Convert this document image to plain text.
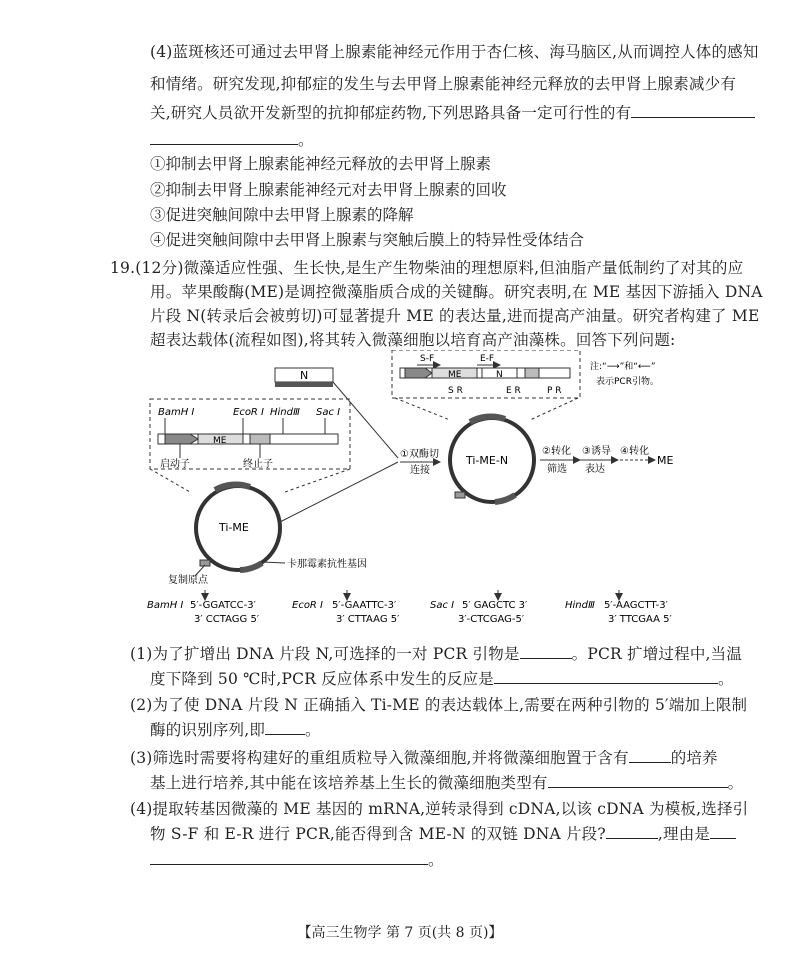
(4)蓝斑核还可通过去甲肾上腺素能神经元作用于杏仁核、海马脑区,从而调控人体的感知
和情绪。研究发现,抑郁症的发生与去甲肾上腺素能神经元释放的去甲肾上腺素减少有
关,研究人员欲开发新型的抗抑郁症药物,下列思路具备一定可行性的有
。
①抑制去甲肾上腺素能神经元释放的去甲肾上腺素
②抑制去甲肾上腺素能神经元对去甲肾上腺素的回收
③促进突触间隙中去甲肾上腺素的降解
④促进突触间隙中去甲肾上腺素与突触后膜上的特异性受体结合
19.(12分)微藻适应性强、生长快,是生产生物柴油的理想原料,但油脂产量低制约了对其的应
用。苹果酸酶(ME)是调控微藻脂质合成的关键酶。研究表明,在 ME 基因下游插入 DNA
片段 N(转录后会被剪切)可显著提升 ME 的表达量,进而提高产油量。研究者构建了 ME
超表达载体(流程如图),将其转入微藻细胞以培育高产油藻株。回答下列问题:
N
BamH Ⅰ	EcoR Ⅰ HindⅢ Sac Ⅰ
ME
启动子	终止子
Ti-ME
复制原点
卡那霉素抗性基因
①双酶切
连接
S-F	E-F
ME	N
S R	E R	P R
注:“⟶”和“⟵”
表示PCR引物。
Ti-ME-N
②转化
筛选
③诱导
表达
④转化
ME
BamH Ⅰ 5′-GGATCC-3′
3′ CCTAGG 5′
EcoR Ⅰ 5′-GAATTC-3′
3′ CTTAAG 5′
Sac Ⅰ 5′ GAGCTC 3′
3′-CTCGAG-5′
HindⅢ 5′-AAGCTT-3′
3′ TTCGAA 5′
(1)为了扩增出 DNA 片段 N,可选择的一对 PCR 引物是	。PCR 扩增过程中,当温
度下降到 50 ℃时,PCR 反应体系中发生的反应是	。
(2)为了使 DNA 片段 N 正确插入 Ti-ME 的表达载体上,需要在两种引物的 5′端加上限制
酶的识别序列,即	。
(3)筛选时需要将构建好的重组质粒导入微藻细胞,并将微藻细胞置于含有	的培养
基上进行培养,其中能在该培养基上生长的微藻细胞类型有	。
(4)提取转基因微藻的 ME 基因的 mRNA,逆转录得到 cDNA,以该 cDNA 为模板,选择引
物 S-F 和 E-R 进行 PCR,能否得到含 ME-N 的双链 DNA 片段?	,理由是
。
【高三生物学 第 7 页(共 8 页)】
